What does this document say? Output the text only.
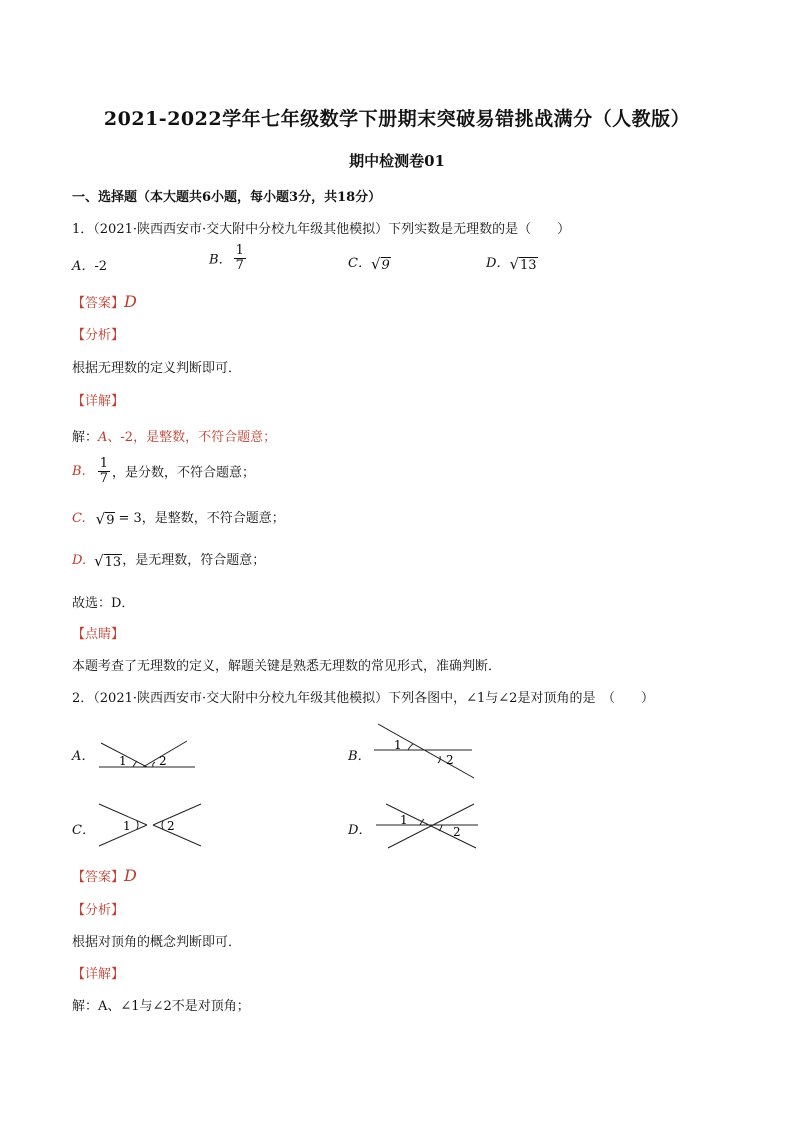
2021-2022学年七年级数学下册期末突破易错挑战满分（人教版）
期中检测卷01
一、选择题（本大题共6小题，每小题3分，共18分）
1．（2021·陕西西安市·交大附中分校九年级其他模拟）下列实数是无理数的是（　　）
A．-2	B． $\frac{1}{7}$	C．√9	D．√13
【答案】D
【分析】
根据无理数的定义判断即可．
【详解】
解：A、-2，是整数，不符合题意；
B. $\frac{1}{7}$ ，是分数，不符合题意；
C. √9 = 3，是整数，不符合题意；
D. √13，是无理数，符合题意；
故选：D．
【点睛】
本题考查了无理数的定义，解题关键是熟悉无理数的常见形式，准确判断．
2．（2021·陕西西安市·交大附中分校九年级其他模拟）下列各图中，∠1与∠2是对顶角的是　（　　）
A． 1	2	B．
1
2
C． 1	2	D．
1
2
【答案】D
【分析】
根据对顶角的概念判断即可．
【详解】
解：A、∠1与∠2不是对顶角；
